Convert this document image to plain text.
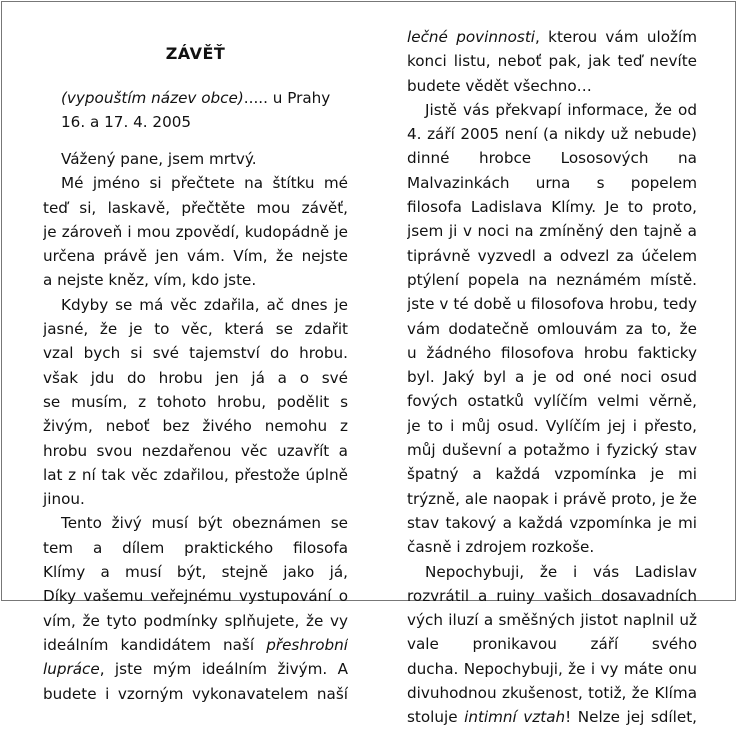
ZÁVĚŤ
(vypouštím název obce)..... u Prahy
16. a 17. 4. 2005
Vážený pane, jsem mrtvý.
Mé jméno si přečtete na štítku mé
teď si, laskavě, přečtěte mou závěť,
je zároveň i mou zpovědí, kudopádně je
určena právě jen vám. Vím, že nejste
a nejste kněz, vím, kdo jste.
Kdyby se má věc zdařila, ač dnes je
jasné, že je to věc, která se zdařit
vzal bych si své tajemství do hrobu.
však jdu do hrobu jen já a o své
se musím, z tohoto hrobu, podělit s
živým, neboť bez živého nemohu z
hrobu svou nezdařenou věc uzavřít a
lat z ní tak věc zdařilou, přestože úplně
jinou.
Tento živý musí být obeznámen se
tem a dílem praktického filosofa
Klímy a musí být, stejně jako já,
Díky vašemu veřejnému vystupování o
vím, že tyto podmínky splňujete, že vy
ideálním kandidátem naší přeshrobní
lupráce, jste mým ideálním živým. A
budete i vzorným vykonavatelem naší
lečné povinnosti, kterou vám uložím
konci listu, neboť pak, jak teď nevíte
budete vědět všechno…
Jistě vás překvapí informace, že od
4. září 2005 není (a nikdy už nebude)
dinné hrobce Lososových na
Malvazinkách urna s popelem
filosofa Ladislava Klímy. Je to proto,
jsem ji v noci na zmíněný den tajně a
tiprávně vyzvedl a odvezl za účelem
ptýlení popela na neznámém místě.
jste v té době u filosofova hrobu, tedy
vám dodatečně omlouvám za to, že
u žádného filosofova hrobu fakticky
byl. Jaký byl a je od oné noci osud
fových ostatků vylíčím velmi věrně,
je to i můj osud. Vylíčím jej i přesto,
můj duševní a potažmo i fyzický stav
špatný a každá vzpomínka je mi
trýzně, ale naopak i právě proto, je že
stav takový a každá vzpomínka je mi
časně i zdrojem rozkoše.
Nepochybuji, že i vás Ladislav
rozvrátil a ruiny vašich dosavadních
vých iluzí a směšných jistot naplnil už
vale pronikavou září svého
ducha. Nepochybuji, že i vy máte onu
divuhodnou zkušenost, totiž, že Klíma
stoluje intimní vztah! Nelze jej sdílet,
